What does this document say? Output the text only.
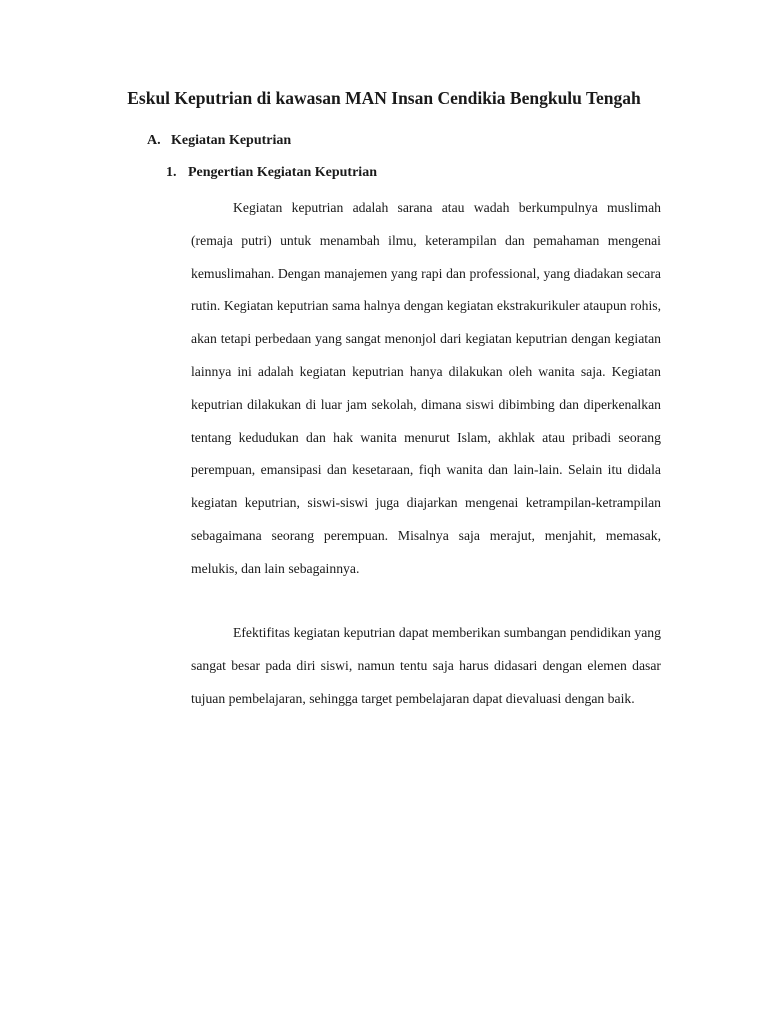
Eskul Keputrian di kawasan MAN Insan Cendikia Bengkulu Tengah
A. Kegiatan Keputrian
1. Pengertian Kegiatan Keputrian

Kegiatan keputrian adalah sarana atau wadah berkumpulnya muslimah (remaja putri) untuk menambah ilmu, keterampilan dan pemahaman mengenai kemuslimahan. Dengan manajemen yang rapi dan professional, yang diadakan secara rutin. Kegiatan keputrian sama halnya dengan kegiatan ekstrakurikuler ataupun rohis, akan tetapi perbedaan yang sangat menonjol dari kegiatan keputrian dengan kegiatan lainnya ini adalah kegiatan keputrian hanya dilakukan oleh wanita saja. Kegiatan keputrian dilakukan di luar jam sekolah, dimana siswi dibimbing dan diperkenalkan tentang kedudukan dan hak wanita menurut Islam, akhlak atau pribadi seorang perempuan, emansipasi dan kesetaraan, fiqh wanita dan lain-lain. Selain itu didala kegiatan keputrian, siswi-siswi juga diajarkan mengenai ketrampilan-ketrampilan sebagaimana seorang perempuan. Misalnya saja merajut, menjahit, memasak, melukis, dan lain sebagainnya.

Efektifitas kegiatan keputrian dapat memberikan sumbangan pendidikan yang sangat besar pada diri siswi, namun tentu saja harus didasari dengan elemen dasar tujuan pembelajaran, sehingga target pembelajaran dapat dievaluasi dengan baik.
